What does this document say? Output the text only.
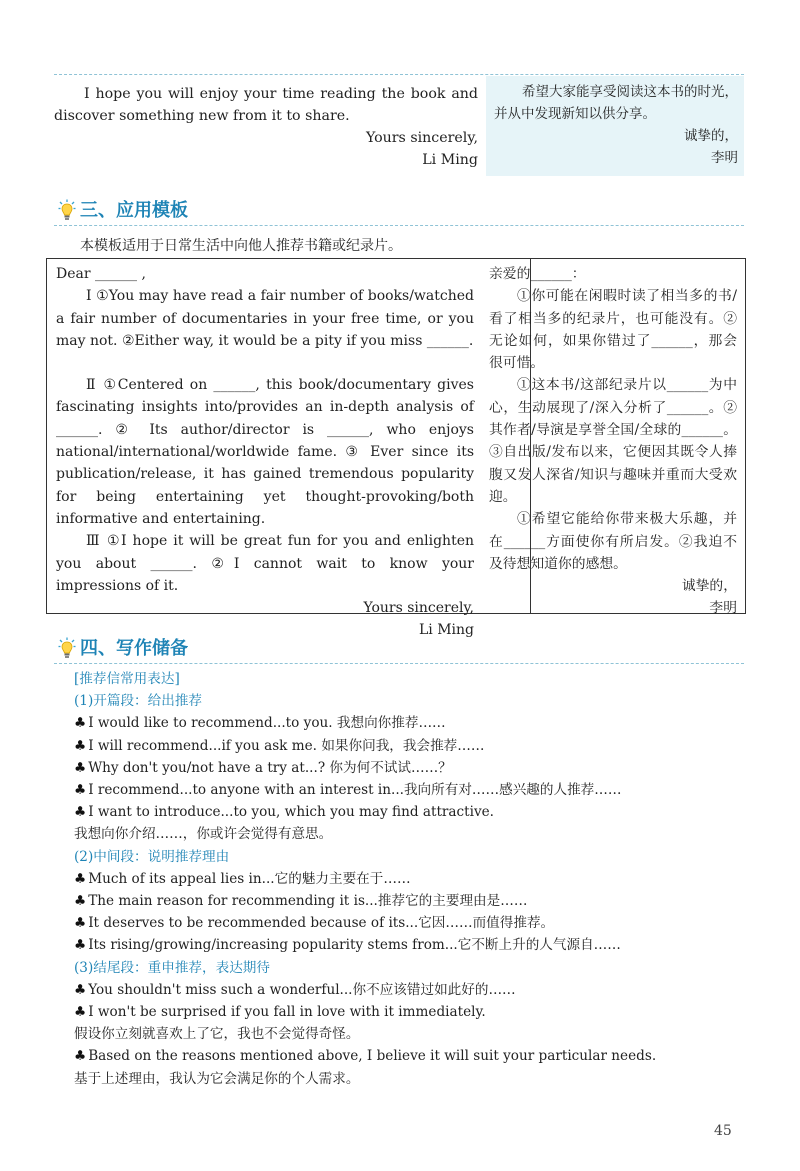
I hope you will enjoy your time reading the book and discover something new from it to share.
Yours sincerely,
Li Ming
希望大家能享受阅读这本书的时光，并从中发现新知以供分享。
诚挚的，
李明
三、应用模板
本模板适用于日常生活中向他人推荐书籍或纪录片。
Dear ______ ,
Ⅰ ①You may have read a fair number of books/watched a fair number of documentaries in your free time, or you may not. ②Either way, it would be a pity if you miss ______.
Ⅱ ①Centered on ______, this book/documentary gives fascinating insights into/provides an in-depth analysis of ______. ② Its author/director is ______, who enjoys national/international/worldwide fame. ③ Ever since its publication/release, it has gained tremendous popularity for being entertaining yet thought-provoking/both informative and entertaining.
Ⅲ ①I hope it will be great fun for you and enlighten you about ______. ②I cannot wait to know your impressions of it.
Yours sincerely,
Li Ming
亲爱的______：
①你可能在闲暇时读了相当多的书/看了相当多的纪录片，也可能没有。②无论如何，如果你错过了______，那会很可惜。
①这本书/这部纪录片以______为中心，生动展现了/深入分析了______。②其作者/导演是享誉全国/全球的______。③自出版/发布以来，它便因其既令人捧腹又发人深省/知识与趣味并重而大受欢迎。
①希望它能给你带来极大乐趣，并在______方面使你有所启发。②我迫不及待想知道你的感想。
诚挚的，
李明
四、写作储备
[推荐信常用表达]
(1)开篇段：给出推荐
♣ I would like to recommend...to you. 我想向你推荐……
♣ I will recommend...if you ask me. 如果你问我，我会推荐……
♣ Why don't you/not have a try at...? 你为何不试试……？
♣ I recommend...to anyone with an interest in...我向所有对……感兴趣的人推荐……
♣ I want to introduce...to you, which you may find attractive.
我想向你介绍……，你或许会觉得有意思。
(2)中间段：说明推荐理由
♣ Much of its appeal lies in...它的魅力主要在于……
♣ The main reason for recommending it is...推荐它的主要理由是……
♣ It deserves to be recommended because of its...它因……而值得推荐。
♣ Its rising/growing/increasing popularity stems from...它不断上升的人气源自……
(3)结尾段：重申推荐，表达期待
♣ You shouldn't miss such a wonderful...你不应该错过如此好的……
♣ I won't be surprised if you fall in love with it immediately.
假设你立刻就喜欢上了它，我也不会觉得奇怪。
♣ Based on the reasons mentioned above, I believe it will suit your particular needs.
基于上述理由，我认为它会满足你的个人需求。
45
